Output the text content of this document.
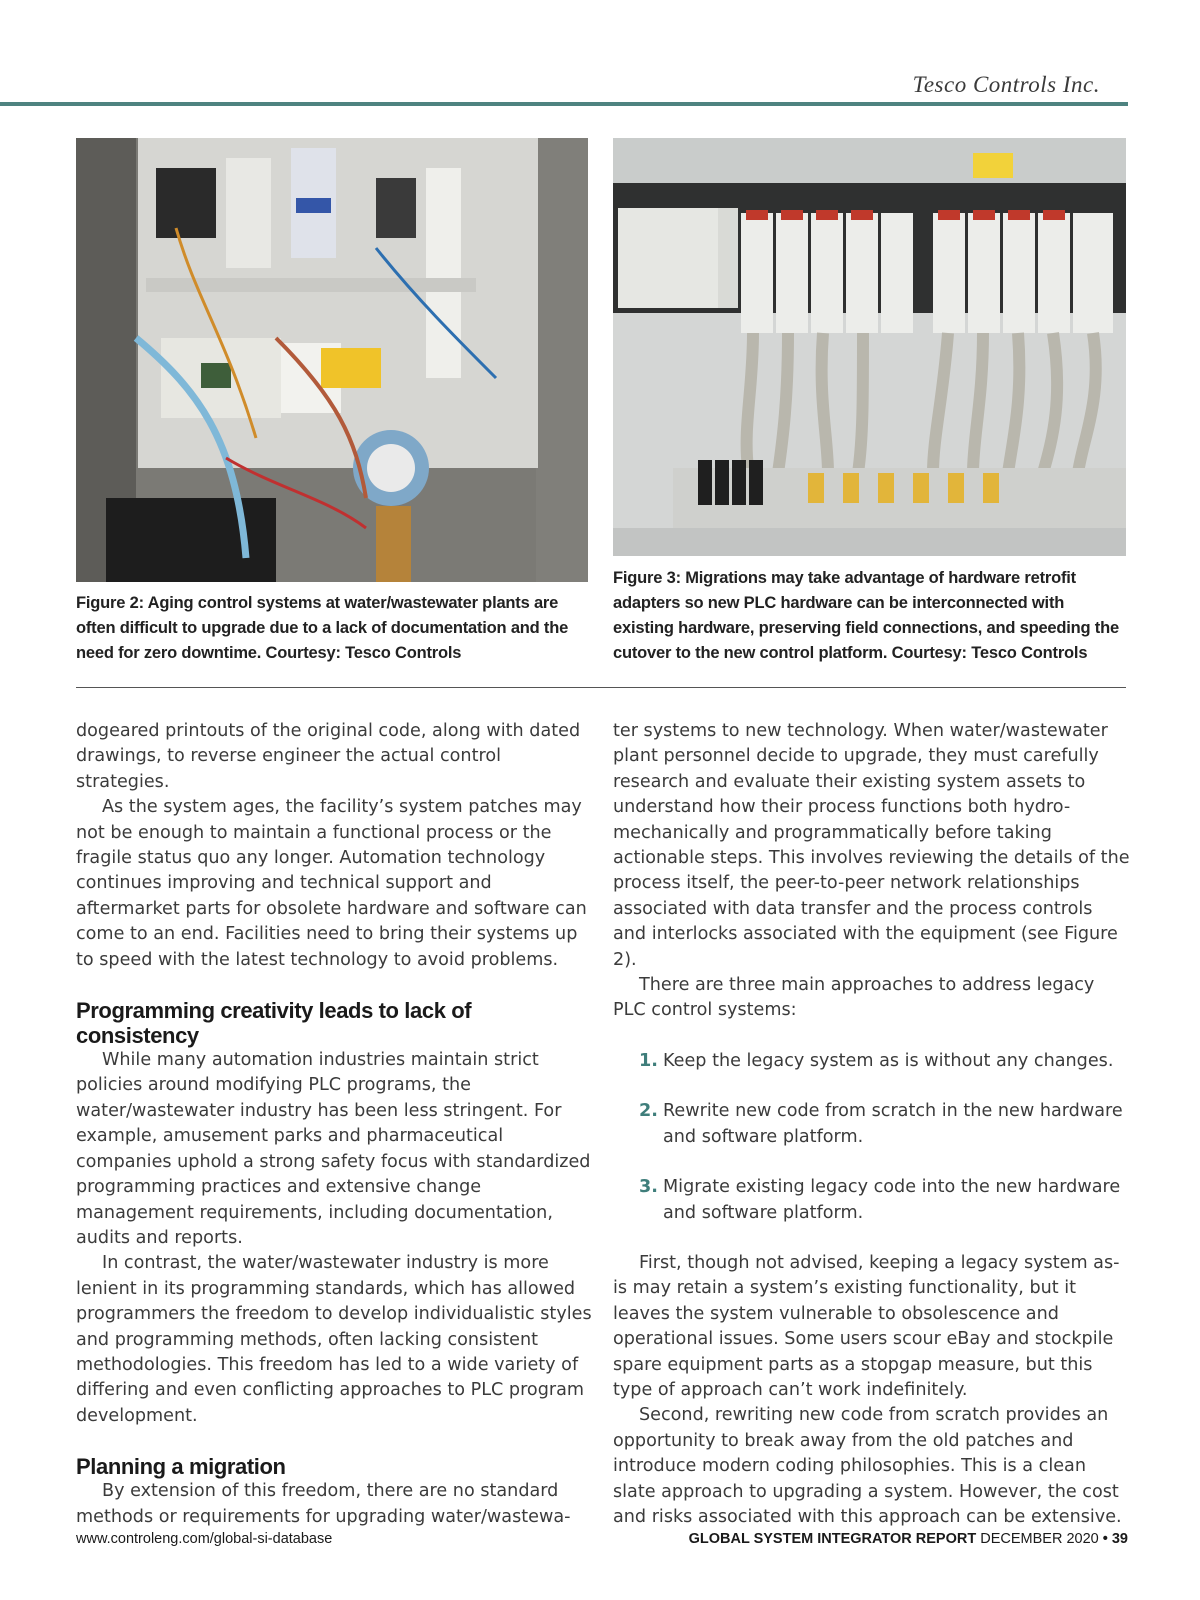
Tesco Controls Inc.
Figure 2: Aging control systems at water/wastewater plants are often difficult to upgrade due to a lack of documentation and the need for zero downtime. Courtesy: Tesco Controls
Figure 3: Migrations may take advantage of hardware retrofit adapters so new PLC hardware can be interconnected with existing hardware, preserving field connections, and speeding the cutover to the new control platform. Courtesy: Tesco Controls

dogeared printouts of the original code, along with dated drawings, to reverse engineer the actual control strategies.

As the system ages, the facility’s system patches may not be enough to maintain a functional process or the fragile status quo any longer. Automation technology continues improving and technical support and aftermarket parts for obsolete hardware and software can come to an end. Facilities need to bring their systems up to speed with the latest technology to avoid problems.

Programming creativity leads to lack of consistency

While many automation industries maintain strict policies around modifying PLC programs, the water/wastewater industry has been less stringent. For example, amusement parks and pharmaceutical companies uphold a strong safety focus with standardized programming practices and extensive change management requirements, including documentation, audits and reports.

In contrast, the water/wastewater industry is more lenient in its programming standards, which has allowed programmers the freedom to develop individualistic styles and programming methods, often lacking consistent methodologies. This freedom has led to a wide variety of differing and even conflicting approaches to PLC program development.

Planning a migration

By extension of this freedom, there are no standard methods or requirements for upgrading water/wastewa-

ter systems to new technology. When water/wastewater plant personnel decide to upgrade, they must carefully research and evaluate their existing system assets to understand how their process functions both hydro-mechanically and programmatically before taking actionable steps. This involves reviewing the details of the process itself, the peer-to-peer network relationships associated with data transfer and the process controls and interlocks associated with the equipment (see Figure 2).

There are three main approaches to address legacy PLC control systems:

1. Keep the legacy system as is without any changes.
2. Rewrite new code from scratch in the new hardware and software platform.
3. Migrate existing legacy code into the new hardware and software platform.

First, though not advised, keeping a legacy system as-is may retain a system’s existing functionality, but it leaves the system vulnerable to obsolescence and operational issues. Some users scour eBay and stockpile spare equipment parts as a stopgap measure, but this type of approach can’t work indefinitely.

Second, rewriting new code from scratch provides an opportunity to break away from the old patches and introduce modern coding philosophies. This is a clean slate approach to upgrading a system. However, the cost and risks associated with this approach can be extensive.

www.controleng.com/global-si-database	GLOBAL SYSTEM INTEGRATOR REPORT DECEMBER 2020 • 39
